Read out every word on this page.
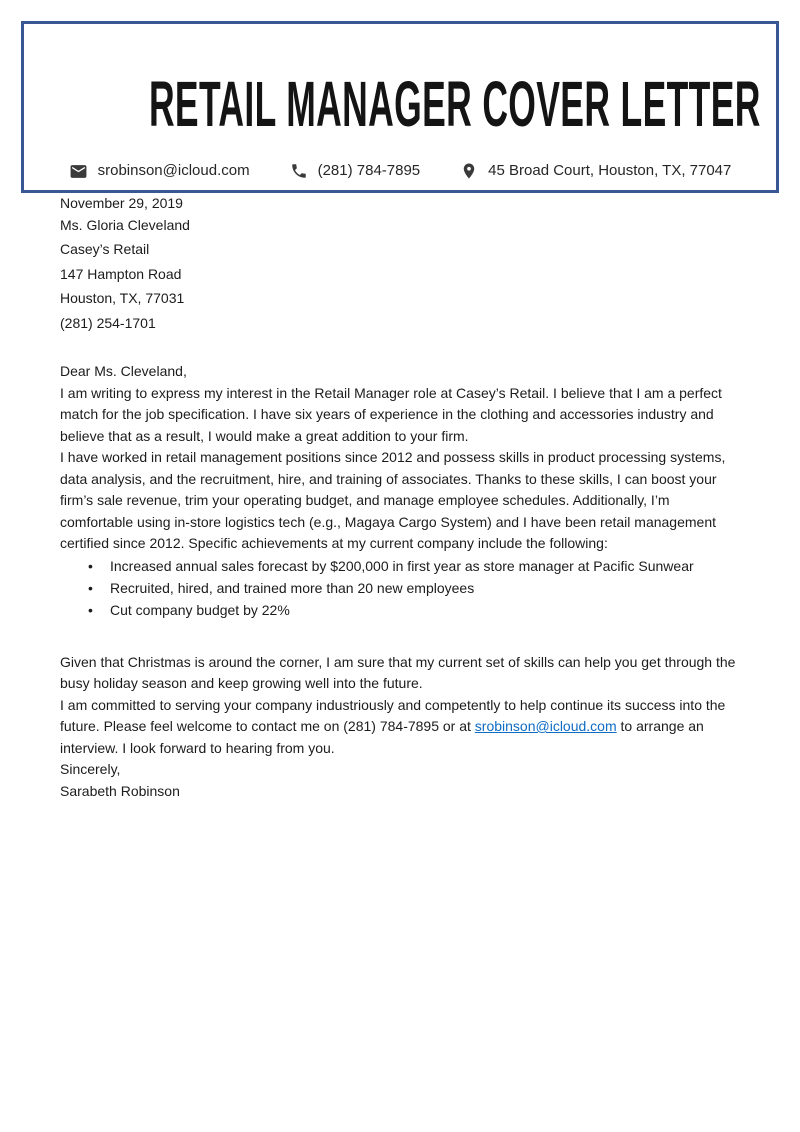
RETAIL MANAGER COVER LETTER
srobinson@icloud.com	(281) 784-7895	45 Broad Court, Houston, TX, 77047

November 29, 2019

Ms. Gloria Cleveland

Casey’s Retail

147 Hampton Road

Houston, TX, 77031

(281) 254-1701

Dear Ms. Cleveland,

I am writing to express my interest in the Retail Manager role at Casey’s Retail. I believe that I am a perfect match for the job specification. I have six years of experience in the clothing and accessories industry and believe that as a result, I would make a great addition to your firm.

I have worked in retail management positions since 2012 and possess skills in product processing systems, data analysis, and the recruitment, hire, and training of associates. Thanks to these skills, I can boost your firm’s sale revenue, trim your operating budget, and manage employee schedules. Additionally, I’m comfortable using in-store logistics tech (e.g., Magaya Cargo System) and I have been retail management certified since 2012. Specific achievements at my current company include the following:

• Increased annual sales forecast by $200,000 in first year as store manager at Pacific Sunwear
• Recruited, hired, and trained more than 20 new employees
• Cut company budget by 22%

Given that Christmas is around the corner, I am sure that my current set of skills can help you get through the busy holiday season and keep growing well into the future.

I am committed to serving your company industriously and competently to help continue its success into the future. Please feel welcome to contact me on (281) 784-7895 or at srobinson@icloud.com to arrange an interview. I look forward to hearing from you.

Sincerely,

Sarabeth Robinson
